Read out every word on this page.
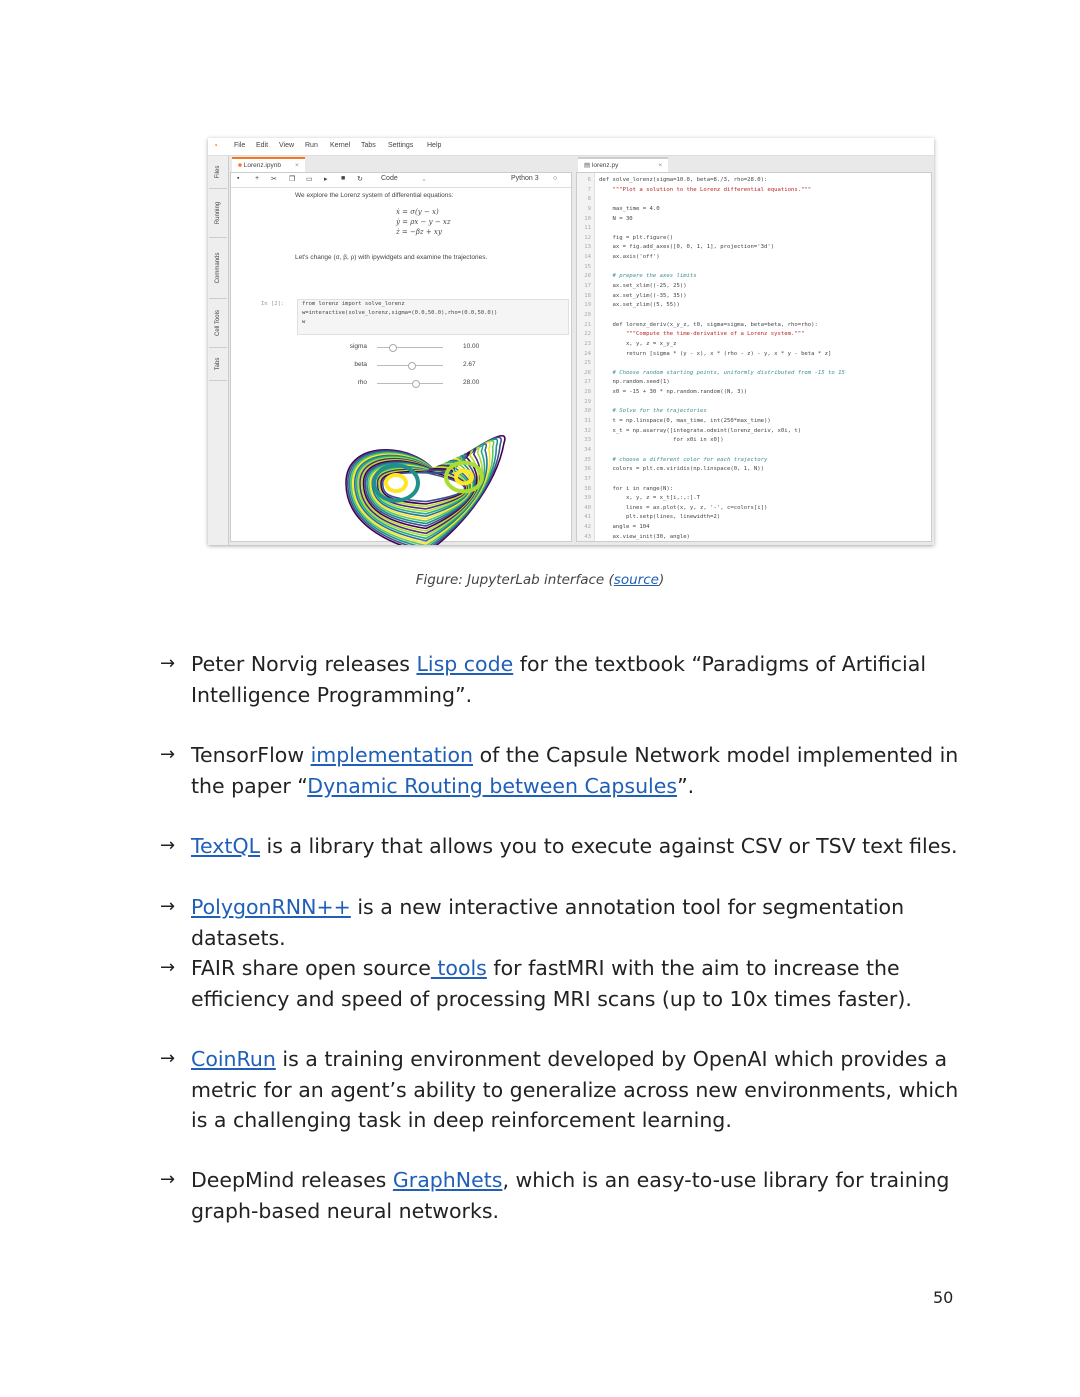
◔	File Edit View Run Kernel Tabs Settings Help
Files
Running
Commands
Cell Tools
Tabs
■ Lorenz.ipynb ×
▪ + ✂ ❐ ▭ ▸ ■ ↻	Code	⌄	Python 3 ○
We explore the Lorenz system of differential equations:
ẋ = σ(y − x)
ẏ = ρx − y − xz
ż = −βz + xy
Let's change (σ, β, ρ) with ipywidgets and examine the trajectories.
In [2]:	from lorenz import solve_lorenz
w=interactive(solve_lorenz,sigma=(0.0,50.0),rho=(0.0,50.0))
w
sigma	10.00
beta	2.67
rho	28.00
▤ lorenz.py	×
6 def solve_lorenz(sigma=10.0, beta=8./3, rho=28.0):
7    """Plot a solution to the Lorenz differential equations."""
8
9    max_time = 4.0
10    N = 30
11
12    fig = plt.figure()
13    ax = fig.add_axes([0, 0, 1, 1], projection='3d')
14    ax.axis('off')
15
16    # prepare the axes limits
17    ax.set_xlim((-25, 25))
18    ax.set_ylim((-35, 35))
19    ax.set_zlim((5, 55))
20
21    def lorenz_deriv(x_y_z, t0, sigma=sigma, beta=beta, rho=rho):
22        """Compute the time-derivative of a Lorenz system."""
23        x, y, z = x_y_z
24        return [sigma * (y - x), x * (rho - z) - y, x * y - beta * z]
25
26    # Choose random starting points, uniformly distributed from -15 to 15
27    np.random.seed(1)
28    x0 = -15 + 30 * np.random.random((N, 3))
29
30    # Solve for the trajectories
31    t = np.linspace(0, max_time, int(250*max_time))
32    x_t = np.asarray([integrate.odeint(lorenz_deriv, x0i, t)
33                      for x0i in x0])
34
35    # choose a different color for each trajectory
36    colors = plt.cm.viridis(np.linspace(0, 1, N))
37
38    for i in range(N):
39        x, y, z = x_t[i,:,:].T
40        lines = ax.plot(x, y, z, '-', c=colors[i])
41        plt.setp(lines, linewidth=2)
42    angle = 104
43    ax.view_init(30, angle)
Figure: JupyterLab interface (source)
→ Peter Norvig releases Lisp code for the textbook “Paradigms of Artificial Intelligence Programming”.
→ TensorFlow implementation of the Capsule Network model implemented in the paper “Dynamic Routing between Capsules”.
→ TextQL is a library that allows you to execute against CSV or TSV text files.
→ PolygonRNN++ is a new interactive annotation tool for segmentation datasets.
→ FAIR share open source tools for fastMRI with the aim to increase the efficiency and speed of processing MRI scans (up to 10x times faster).
→ CoinRun is a training environment developed by OpenAI which provides a metric for an agent’s ability to generalize across new environments, which is a challenging task in deep reinforcement learning.
→ DeepMind releases GraphNets, which is an easy-to-use library for training graph-based neural networks.
50
